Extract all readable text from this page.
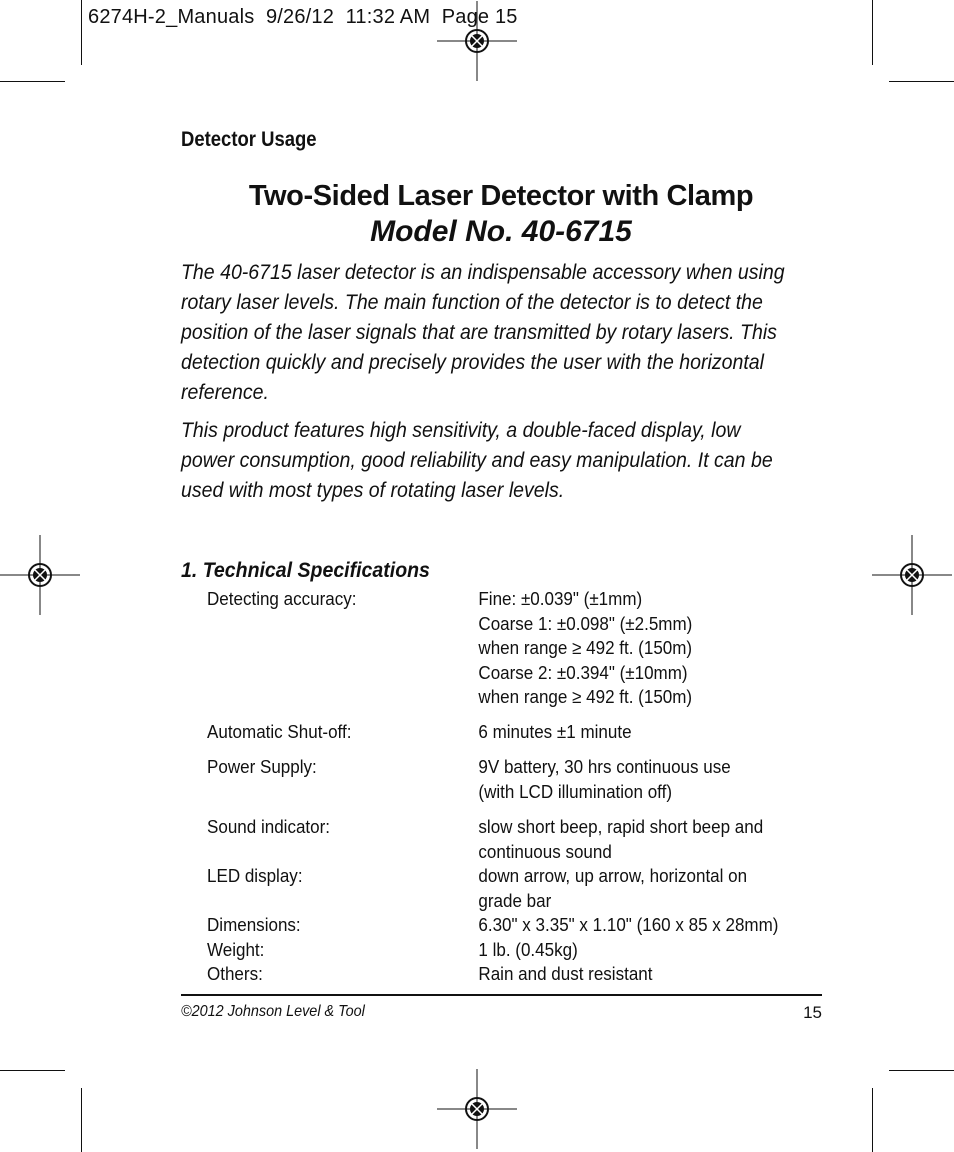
6274H-2_Manuals  9/26/12  11:32 AM  Page 15
Detector Usage
Two-Sided Laser Detector with Clamp
Model No. 40-6715

The 40-6715 laser detector is an indispensable accessory when using rotary laser levels. The main function of the detector is to detect the position of the laser signals that are transmitted by rotary lasers. This detection quickly and precisely provides the user with the horizontal reference.

This product features high sensitivity, a double-faced display, low power consumption, good reliability and easy manipulation. It can be used with most types of rotating laser levels.

1. Technical Specifications
Detecting accuracy:	Fine: ±0.039" (±1mm)
Coarse 1: ±0.098" (±2.5mm)
when range ≥ 492 ft. (150m)
Coarse 2: ±0.394" (±10mm)
when range ≥ 492 ft. (150m)
Automatic Shut-off:	6 minutes ±1 minute
Power Supply:	9V battery, 30 hrs continuous use
(with LCD illumination off)
Sound indicator:	slow short beep, rapid short beep and
continuous sound
LED display:	down arrow, up arrow, horizontal on
grade bar
Dimensions:	6.30" x 3.35" x 1.10" (160 x 85 x 28mm)
Weight:	1 lb. (0.45kg)
Others:	Rain and dust resistant
©2012 Johnson Level & Tool	15
